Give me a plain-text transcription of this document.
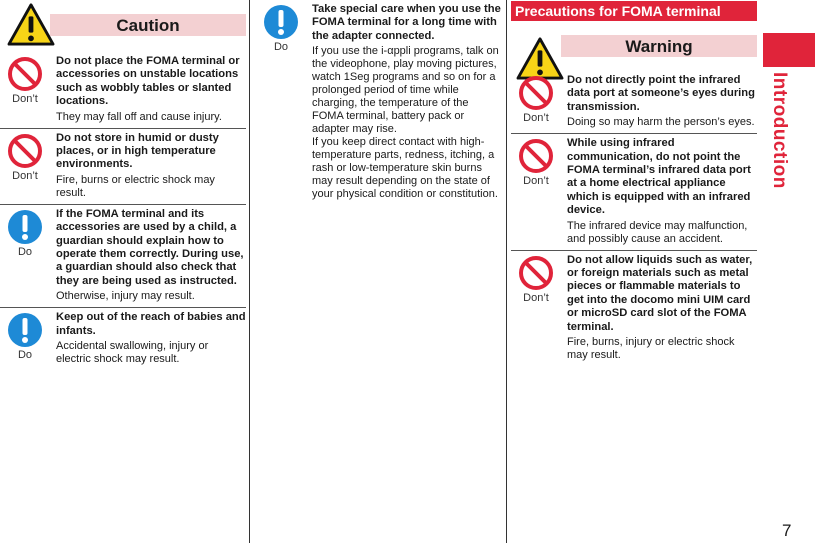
Caution
Don’t
Do not place the FOMA terminal or accessories on unstable locations such as wobbly tables or slanted locations.
They may fall off and cause injury.
Don’t
Do not store in humid or dusty places, or in high temperature environments.
Fire, burns or electric shock may result.
Do
If the FOMA terminal and its accessories are used by a child, a guardian should explain how to operate them correctly. During use, a guardian should also check that they are being used as instructed.
Otherwise, injury may result.
Do
Keep out of the reach of babies and infants.
Accidental swallowing, injury or electric shock may result.
Do
Take special care when you use the FOMA terminal for a long time with the adapter connected.
If you use the i-αppli programs, talk on the videophone, play moving pictures, watch 1Seg programs and so on for a prolonged period of time while charging, the temperature of the FOMA terminal, battery pack or adapter may rise.
If you keep direct contact with high-temperature parts, redness, itching, a rash or low-temperature skin burns may result depending on the state of your physical condition or constitution.
Precautions for FOMA terminal
Warning
Don’t
Do not directly point the infrared data port at someone’s eyes during transmission.
Doing so may harm the person’s eyes.
Don’t
While using infrared communication, do not point the FOMA terminal’s infrared data port at a home electrical appliance which is equipped with an infrared device.
The infrared device may malfunction, and possibly cause an accident.
Don’t
Do not allow liquids such as water, or foreign materials such as metal pieces or flammable materials to get into the docomo mini UIM card or microSD card slot of the FOMA terminal.
Fire, burns, injury or electric shock may result.
Introduction
7
